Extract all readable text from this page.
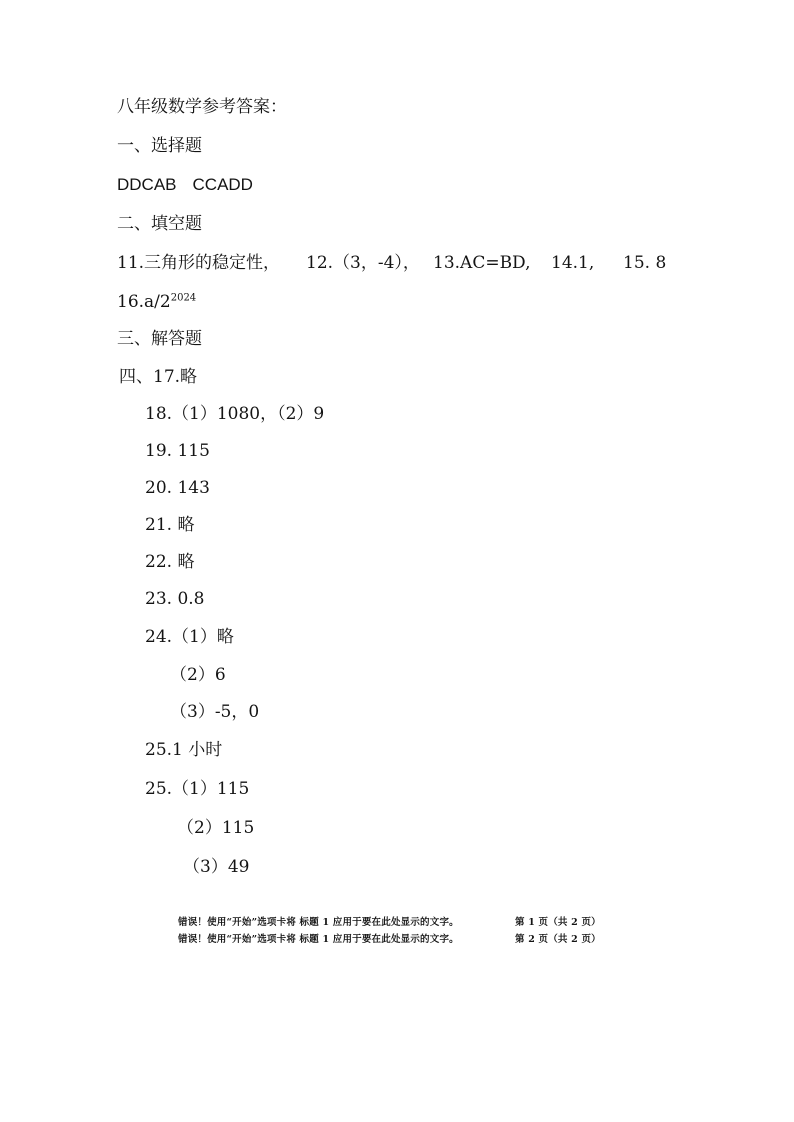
八年级数学参考答案：
一、选择题
DDCAB CCADD
二、填空题
11.三角形的稳定性， 12.（3，-4）， 13.AC=BD, 14.1, 15. 8
$16.a/2^{2024}$
三、解答题
四、17.略
18.（1）1080，（2）9
19. 115
20. 143
21. 略
22. 略
23. 0.8
24.（1）略
（2）6
（3）-5，0
25.1 小时
25.（1）115
（2）115
（3）49
错误！使用“开始”选项卡将 标题 1 应用于要在此处显示的文字。	第 1 页（共 2 页）
错误！使用“开始”选项卡将 标题 1 应用于要在此处显示的文字。	第 2 页（共 2 页）
